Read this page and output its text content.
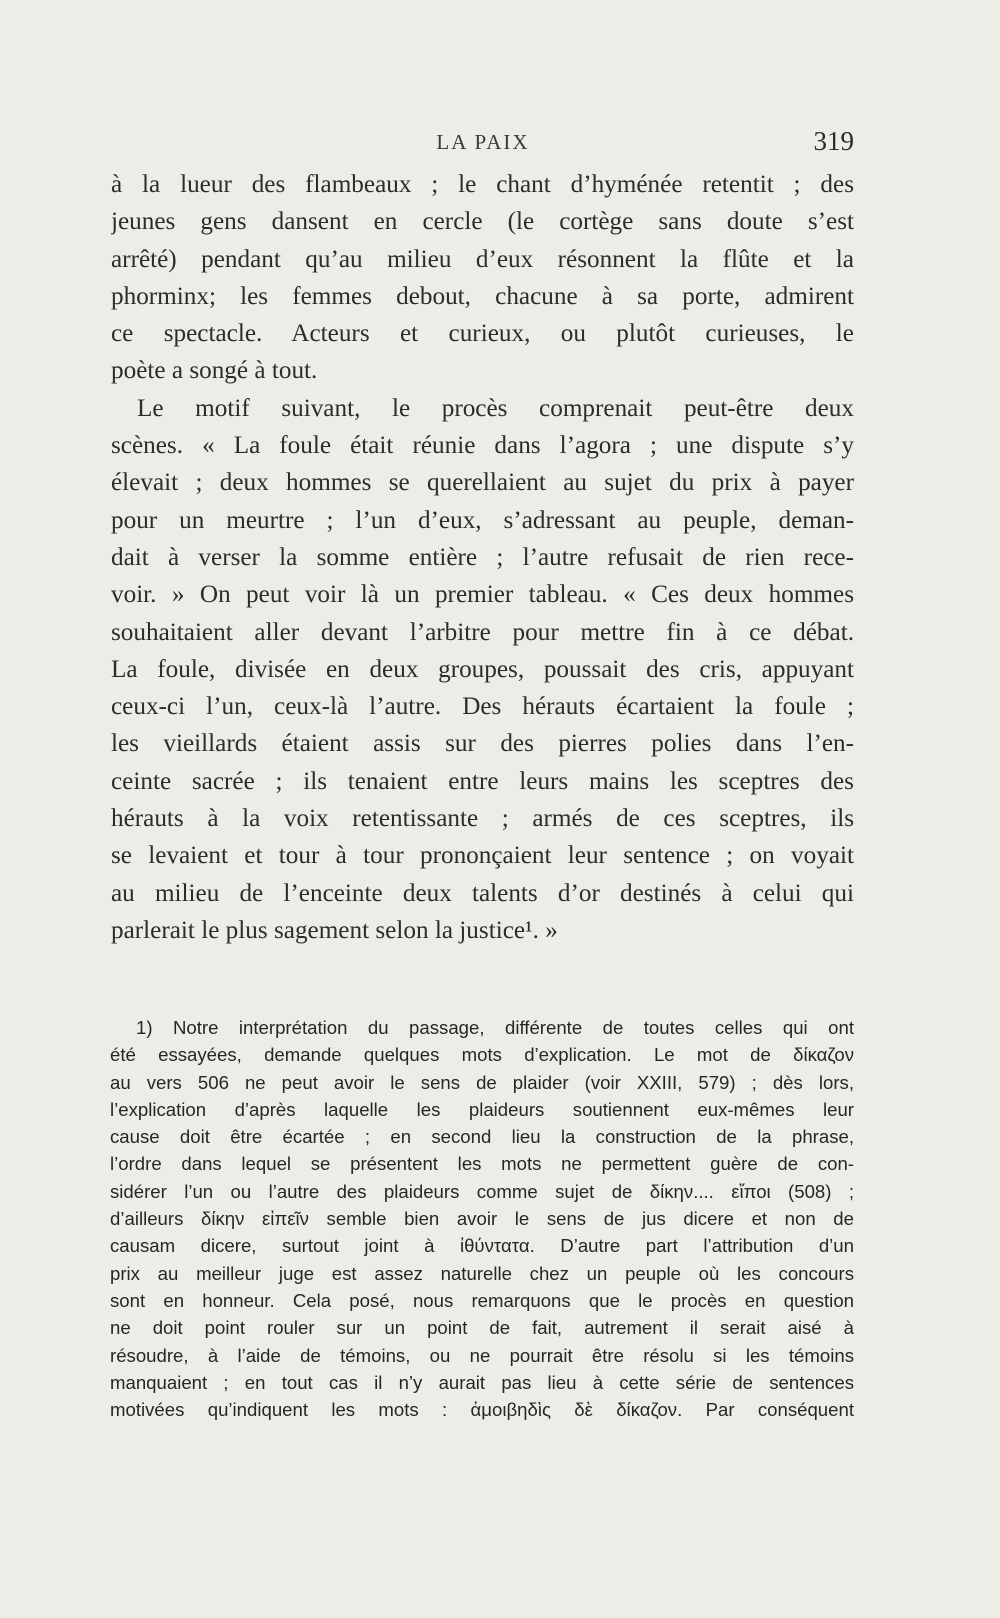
LA PAIX	319
à la lueur des flambeaux ; le chant d’hyménée retentit ; des
jeunes gens dansent en cercle (le cortège sans doute s’est
arrêté) pendant qu’au milieu d’eux résonnent la flûte et la
phorminx; les femmes debout, chacune à sa porte, admirent
ce spectacle. Acteurs et curieux, ou plutôt curieuses, le
poète a songé à tout.
Le motif suivant, le procès comprenait peut-être deux
scènes. « La foule était réunie dans l’agora ; une dispute s’y
élevait ; deux hommes se querellaient au sujet du prix à payer
pour un meurtre ; l’un d’eux, s’adressant au peuple, deman-
dait à verser la somme entière ; l’autre refusait de rien rece-
voir. » On peut voir là un premier tableau. « Ces deux hommes
souhaitaient aller devant l’arbitre pour mettre fin à ce débat.
La foule, divisée en deux groupes, poussait des cris, appuyant
ceux-ci l’un, ceux-là l’autre. Des hérauts écartaient la foule ;
les vieillards étaient assis sur des pierres polies dans l’en-
ceinte sacrée ; ils tenaient entre leurs mains les sceptres des
hérauts à la voix retentissante ; armés de ces sceptres, ils
se levaient et tour à tour prononçaient leur sentence ; on voyait
au milieu de l’enceinte deux talents d’or destinés à celui qui
parlerait le plus sagement selon la justice¹. »
1) Notre interprétation du passage, différente de toutes celles qui ont
été essayées, demande quelques mots d’explication. Le mot de δίκαζον
au vers 506 ne peut avoir le sens de plaider (voir XXIII, 579) ; dès lors,
l’explication d’après laquelle les plaideurs soutiennent eux-mêmes leur
cause doit être écartée ; en second lieu la construction de la phrase,
l’ordre dans lequel se présentent les mots ne permettent guère de con-
sidérer l’un ou l’autre des plaideurs comme sujet de δίκην.... εἴποι (508) ;
d’ailleurs δίκην εἰπεῖν semble bien avoir le sens de jus dicere et non de
causam dicere, surtout joint à ἰθύντατα. D’autre part l’attribution d’un
prix au meilleur juge est assez naturelle chez un peuple où les concours
sont en honneur. Cela posé, nous remarquons que le procès en question
ne doit point rouler sur un point de fait, autrement il serait aisé à
résoudre, à l’aide de témoins, ou ne pourrait être résolu si les témoins
manquaient ; en tout cas il n’y aurait pas lieu à cette série de sentences
motivées qu’indiquent les mots : ἀμοιβηδὶς δὲ δίκαζον. Par conséquent
